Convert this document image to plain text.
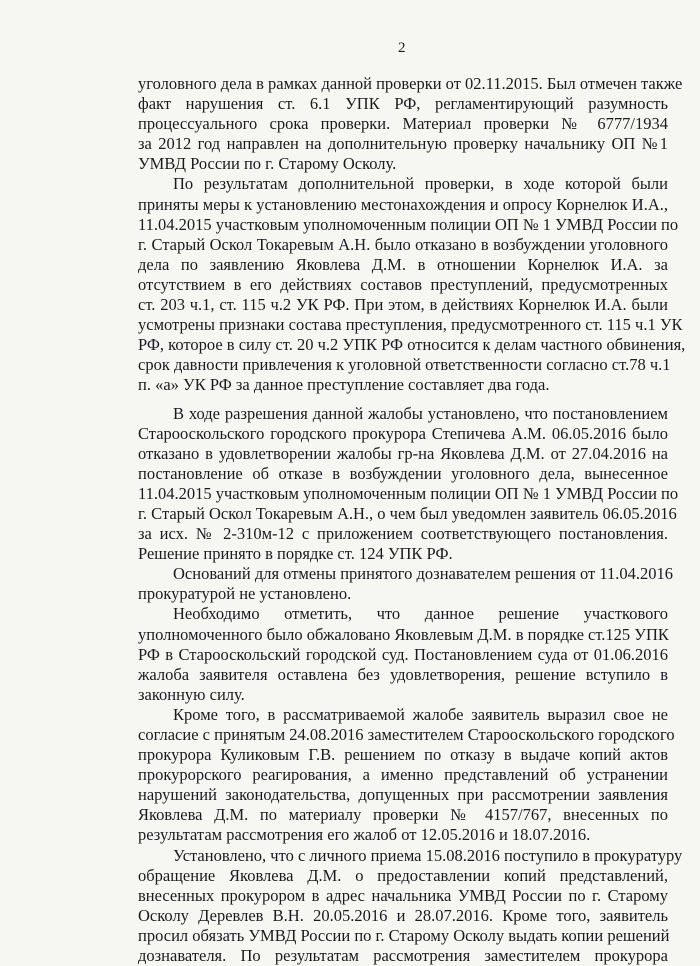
2
уголовного дела в рамках данной проверки от 02.11.2015. Был отмечен также
факт нарушения ст. 6.1 УПК РФ, регламентирующий разумность
процессуального срока проверки. Материал проверки № 6777/1934
за 2012 год направлен на дополнительную проверку начальнику ОП №1
УМВД России по г. Старому Осколу.
По результатам дополнительной проверки, в ходе которой были
приняты меры к установлению местонахождения и опросу Корнелюк И.А.,
11.04.2015 участковым уполномоченным полиции ОП № 1 УМВД России по
г. Старый Оскол Токаревым А.Н. было отказано в возбуждении уголовного
дела по заявлению Яковлева Д.М. в отношении Корнелюк И.А. за
отсутствием в его действиях составов преступлений, предусмотренных
ст. 203 ч.1, ст. 115 ч.2 УК РФ. При этом, в действиях Корнелюк И.А. были
усмотрены признаки состава преступления, предусмотренного ст. 115 ч.1 УК
РФ, которое в силу ст. 20 ч.2 УПК РФ относится к делам частного обвинения,
срок давности привлечения к уголовной ответственности согласно ст.78 ч.1
п. «а» УК РФ за данное преступление составляет два года.
В ходе разрешения данной жалобы установлено, что постановлением
Старооскольского городского прокурора Степичева А.М. 06.05.2016 было
отказано в удовлетворении жалобы гр-на Яковлева Д.М. от 27.04.2016 на
постановление об отказе в возбуждении уголовного дела, вынесенное
11.04.2015 участковым уполномоченным полиции ОП № 1 УМВД России по
г. Старый Оскол Токаревым А.Н., о чем был уведомлен заявитель 06.05.2016
за исх. № 2-310м-12 с приложением соответствующего постановления.
Решение принято в порядке ст. 124 УПК РФ.
Оснований для отмены принятого дознавателем решения от 11.04.2016
прокуратурой не установлено.
Необходимо отметить, что данное решение участкового
уполномоченного было обжаловано Яковлевым Д.М. в порядке ст.125 УПК
РФ в Старооскольский городской суд. Постановлением суда от 01.06.2016
жалоба заявителя оставлена без удовлетворения, решение вступило в
законную силу.
Кроме того, в рассматриваемой жалобе заявитель выразил свое не
согласие с принятым 24.08.2016 заместителем Старооскольского городского
прокурора Куликовым Г.В. решением по отказу в выдаче копий актов
прокурорского реагирования, а именно представлений об устранении
нарушений законодательства, допущенных при рассмотрении заявления
Яковлева Д.М. по материалу проверки № 4157/767, внесенных по
результатам рассмотрения его жалоб от 12.05.2016 и 18.07.2016.
Установлено, что с личного приема 15.08.2016 поступило в прокуратуру
обращение Яковлева Д.М. о предоставлении копий представлений,
внесенных прокурором в адрес начальника УМВД России по г. Старому
Осколу Деревлев В.Н. 20.05.2016 и 28.07.2016. Кроме того, заявитель
просил обязать УМВД России по г. Старому Осколу выдать копии решений
дознавателя. По результатам рассмотрения заместителем прокурора
